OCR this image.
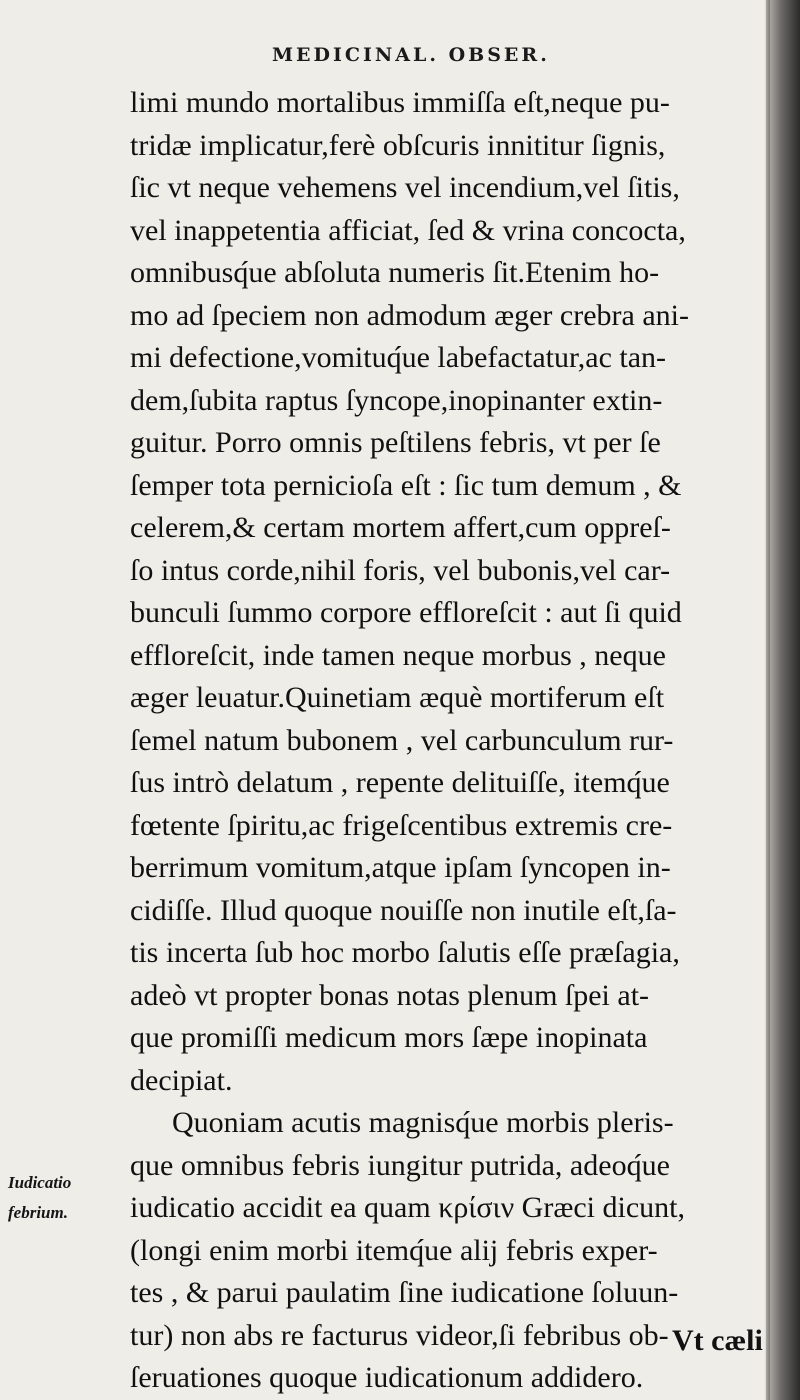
MEDICINAL. OBSER.
limi mundo mortalibus immiſſa eſt,neque pu-
tridæ implicatur,ferè obſcuris innititur ſignis,
ſic vt neque vehemens vel incendium,vel ſitis,
vel inappetentia afficiat, ſed & vrina concocta,
omnibusq́ue abſoluta numeris ſit.Etenim ho-
mo ad ſpeciem non admodum æger crebra ani-
mi defectione,vomituq́ue labefactatur,ac tan-
dem,ſubita raptus ſyncope,inopinanter extin-
guitur. Porro omnis peſtilens febris, vt per ſe
ſemper tota pernicioſa eſt : ſic tum demum , &
celerem,& certam mortem affert,cum oppreſ-
ſo intus corde,nihil foris, vel bubonis,vel car-
bunculi ſummo corpore effloreſcit : aut ſi quid
effloreſcit, inde tamen neque morbus , neque
æger leuatur.Quinetiam æquè mortiferum eſt
ſemel natum bubonem , vel carbunculum rur-
ſus intrò delatum , repente delituiſſe, itemq́ue
fœtente ſpiritu,ac frigeſcentibus extremis cre-
berrimum vomitum,atque ipſam ſyncopen in-
cidiſſe. Illud quoque nouiſſe non inutile eſt,ſa-
tis incerta ſub hoc morbo ſalutis eſſe præſagia,
adeò vt propter bonas notas plenum ſpei at-
que promiſſi medicum mors ſæpe inopinata
decipiat.
Quoniam acutis magnisq́ue morbis pleris-
que omnibus febris iungitur putrida, adeoq́ue
iudicatio accidit ea quam κρίσιν Græci dicunt,
(longi enim morbi itemq́ue alij febris exper-
tes , & parui paulatim ſine iudicatione ſoluun-
tur) non abs re facturus videor,ſi febribus ob-
ſeruationes quoque iudicationum addidero.
Iudicatio
febrium.
Vt cæli
